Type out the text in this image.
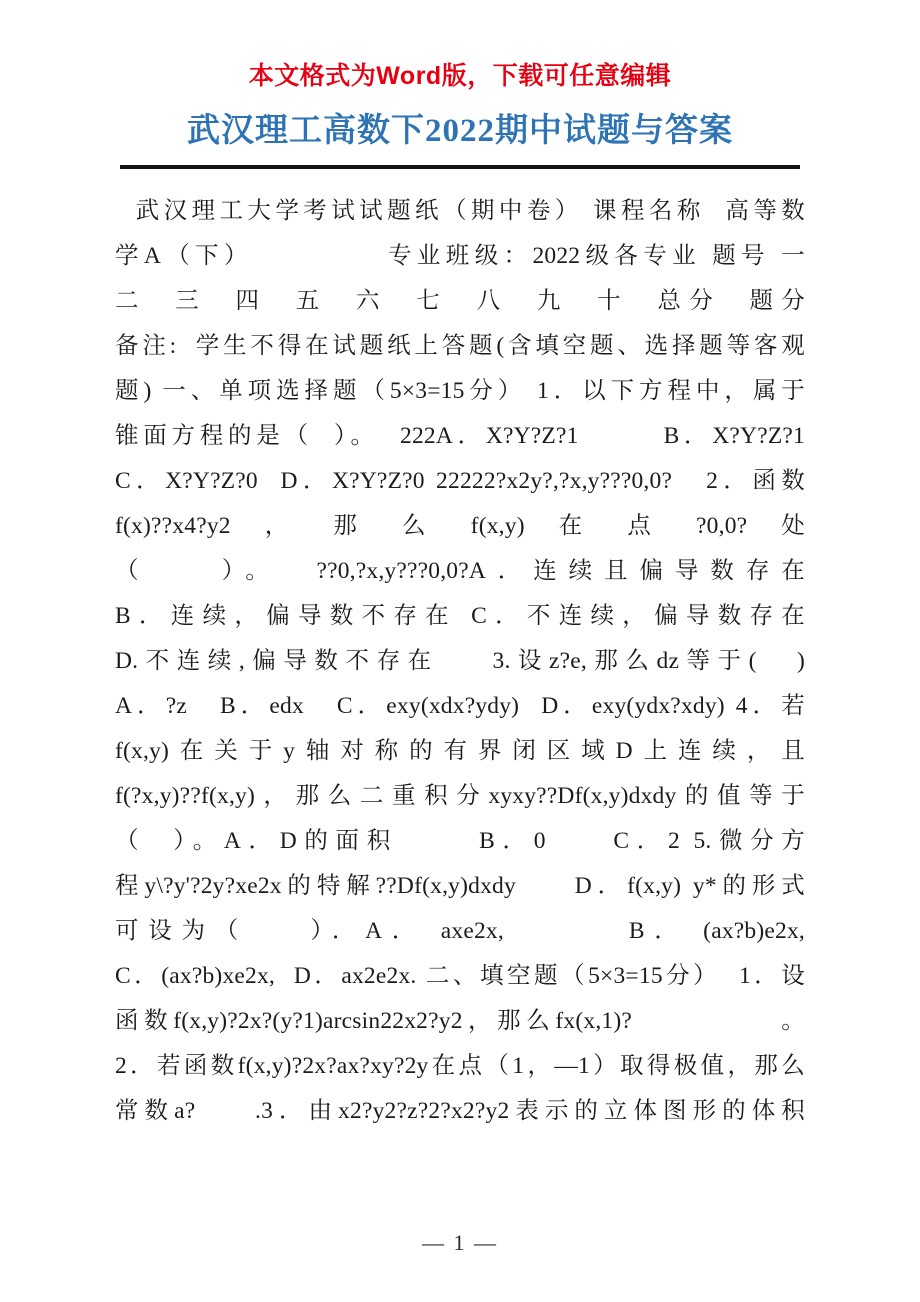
本文格式为Word版，下载可任意编辑
武汉理工高数下2022期中试题与答案
武汉理工大学考试试题纸（期中卷） 课程名称  高等数
学A（下）            专业班级：2022级各专业 题号 一
二  三  四  五  六  七  八  九  十  总分  题分
备注:  学生不得在试题纸上答题(含填空题、选择题等客观
题) 一、单项选择题（5×3=15分） 1．以下方程中，属于
锥面方程的是（  ）。  222A．X?Y?Z?1        B．X?Y?Z?1
C．X?Y?Z?0  D．X?Y?Z?0 22222?x2y?,?x,y???0,0?   2．函数
f(x)??x4?y2  ，  那  么  f(x,y)  在  点  ?0,0?  处
（    ）。  ??0,?x,y???0,0?A．连续且偏导数存在
B．连续，偏导数不存在 C．不连续，偏导数存在
D.不连续,偏导数不存在    3.设z?e,那么dz等于(   )
A．?z   B．edx   C．exy(xdx?ydy)  D．exy(ydx?xdy) 4．若
f(x,y)在关于y轴对称的有界闭区域D上连续，且
f(?x,y)??f(x,y)，那么二重积分xyxy??Df(x,y)dxdy的值等于
（  ）。A．D的面积      B．0     C．2 5.微分方
程y\?y'?2y?xe2x的特解??Df(x,y)dxdy     D．f(x,y) y*的形式
可设为（    ）．A． axe2x,        B． (ax?b)e2x,
C．(ax?b)xe2x,  D．ax2e2x. 二、填空题（5×3=15分）  1．设
函数f(x,y)?2x?(y?1)arcsin22x2?y2，那么fx(x,1)?             。
2．若函数f(x,y)?2x?ax?xy?2y在点（1，—1）取得极值，那么
常数a?     .3．由x2?y2?z?2?x2?y2表示的立体图形的体积
— 1 —
